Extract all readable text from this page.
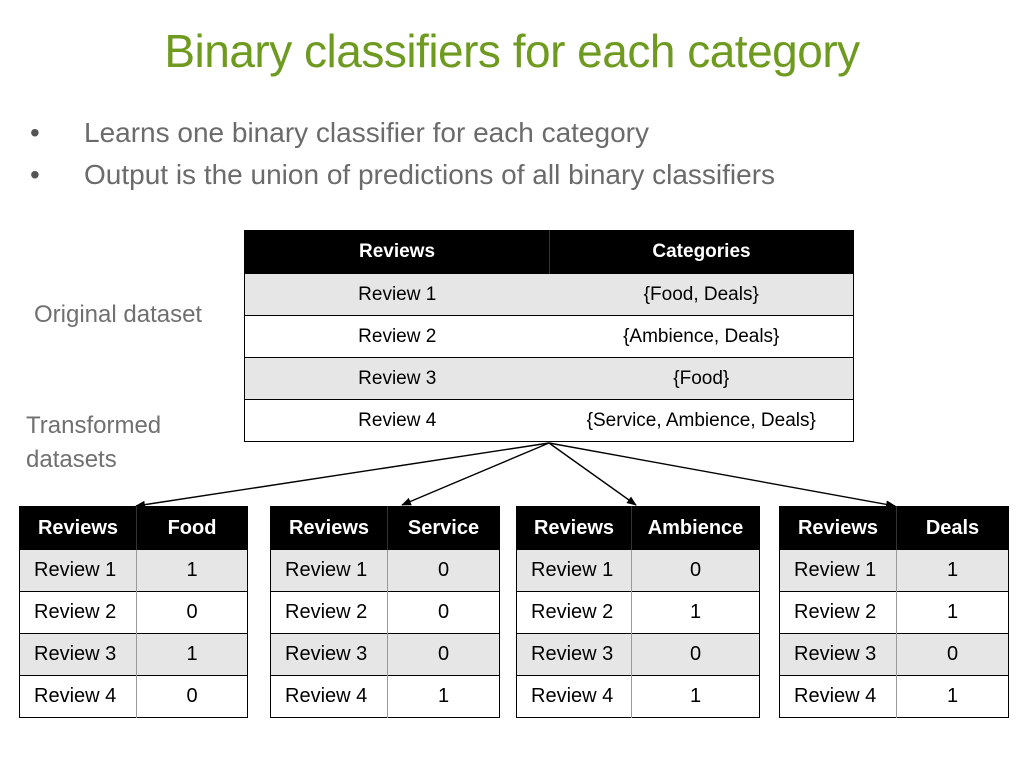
Binary classifiers for each category
• Learns one binary classifier for each category
• Output is the union of predictions of all binary classifiers
Original dataset
Transformed
datasets
Reviews	Categories
Review 1	{Food, Deals}
Review 2	{Ambience, Deals}
Review 3	{Food}
Review 4	{Service, Ambience, Deals}
Reviews	Food
Review 1	1
Review 2	0
Review 3	1
Review 4	0
Reviews	Service
Review 1	0
Review 2	0
Review 3	0
Review 4	1
Reviews	Ambience
Review 1	0
Review 2	1
Review 3	0
Review 4	1
Reviews	Deals
Review 1	1
Review 2	1
Review 3	0
Review 4	1
